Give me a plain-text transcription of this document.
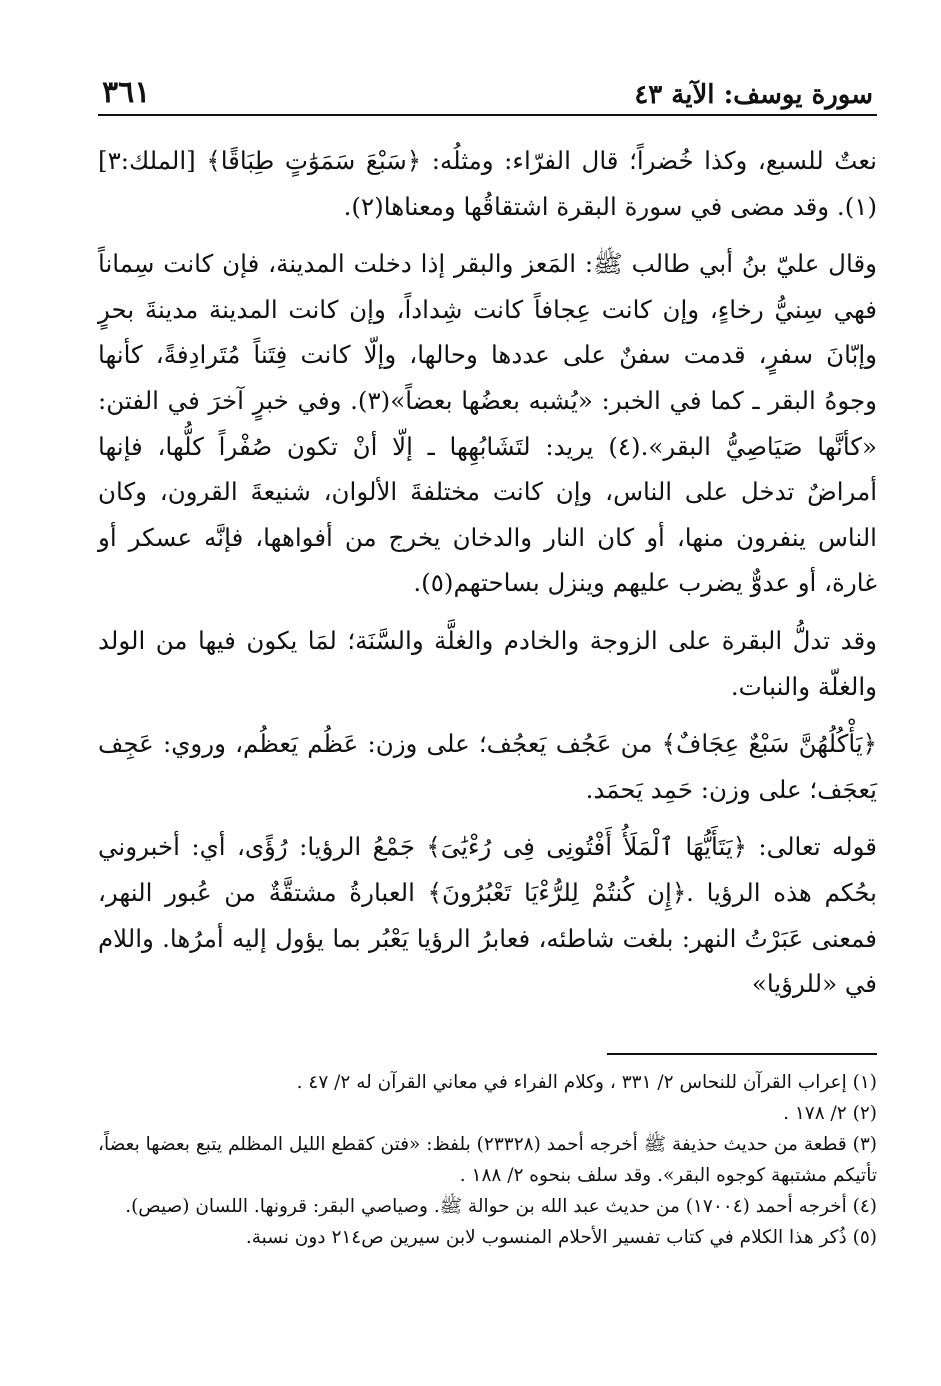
سورة يوسف: الآية ٤٣
٣٦١

نعتٌ للسبع، وكذا خُضراً؛ قال الفرّاء: ومثلُه: ﴿سَبْعَ سَمَوَٰتٍ طِبَاقًا﴾ [الملك:٣](١). وقد مضى في سورة البقرة اشتقاقُها ومعناها(٢).

وقال عليّ بنُ أبي طالب ﷺ: المَعز والبقر إذا دخلت المدينة، فإن كانت سِماناً فهي سِنيُّ رخاءٍ، وإن كانت عِجافاً كانت شِداداً، وإن كانت المدينة مدينةَ بحرٍ وإبّانَ سفرٍ، قدمت سفنٌ على عددها وحالها، وإلّا كانت فِتَناً مُتَرادِفةً، كأنها وجوهُ البقر ـ كما في الخبر: «يُشبه بعضُها بعضاً»(٣). وفي خبرٍ آخرَ في الفتن: «كأنَّها صَيَاصِيُّ البقر».(٤) يريد: لتَشَابُهِها ـ إلّا أنْ تكون صُفْراً كلُّها، فإنها أمراضٌ تدخل على الناس، وإن كانت مختلفةَ الألوان، شنيعةَ القرون، وكان الناس ينفرون منها، أو كان النار والدخان يخرج من أفواهها، فإنَّه عسكر أو غارة، أو عدوٌّ يضرب عليهم وينزل بساحتهم(٥).

وقد تدلُّ البقرة على الزوجة والخادم والغلَّة والسَّنَة؛ لمَا يكون فيها من الولد والغلّة والنبات.

﴿يَأْكُلُهُنَّ سَبْعٌ عِجَافٌ﴾ من عَجُف يَعجُف؛ على وزن: عَظُم يَعظُم، وروي: عَجِف يَعجَف؛ على وزن: حَمِد يَحمَد.

قوله تعالى: ﴿يَتَأَيُّهَا ٱلْمَلَأُ أَفْتُونِى فِى رُءْيَٰىَ﴾ جَمْعُ الرؤيا: رُؤًى، أي: أخبروني بحُكم هذه الرؤيا .﴿إِن كُنتُمْ لِلرُّءْيَا تَعْبُرُونَ﴾ العبارةُ مشتقَّةٌ من عُبور النهر، فمعنى عَبَرْتُ النهر: بلغت شاطئه، فعابرُ الرؤيا يَعْبُر بما يؤول إليه أمرُها. واللام في «للرؤيا»

(١) إعراب القرآن للنحاس ٢/ ٣٣١ ، وكلام الفراء في معاني القرآن له ٢/ ٤٧ .

(٢) ٢/ ١٧٨ .

(٣) قطعة من حديث حذيفة ﷺ أخرجه أحمد (٢٣٣٢٨) بلفظ: «فتن كقطع الليل المظلم يتبع بعضها بعضاً، تأتيكم مشتبهة كوجوه البقر». وقد سلف بنحوه ٢/ ١٨٨ .

(٤) أخرجه أحمد (١٧٠٠٤) من حديث عبد الله بن حوالة ﷺ. وصياصي البقر: قرونها. اللسان (صيص).

(٥) ذُكر هذا الكلام في كتاب تفسير الأحلام المنسوب لابن سيرين ص٢١٤ دون نسبة.
